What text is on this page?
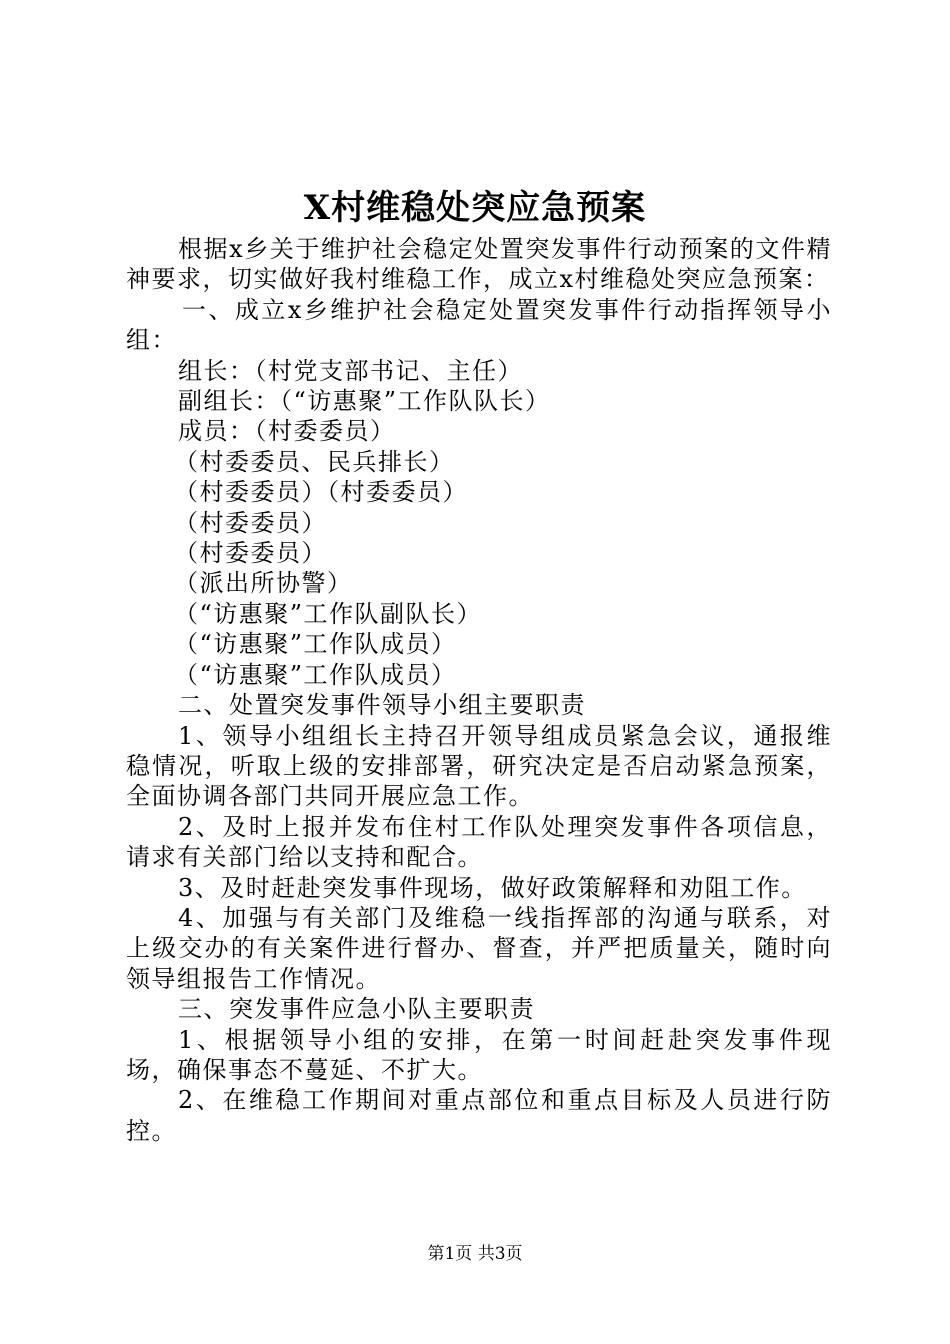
X村维稳处突应急预案

根据x乡关于维护社会稳定处置突发事件行动预案的文件精神要求，切实做好我村维稳工作，成立x村维稳处突应急预案：

一、成立x乡维护社会稳定处置突发事件行动指挥领导小组：

组长：（村党支部书记、主任）

副组长：（“访惠聚”工作队队长）

成员：（村委委员）

（村委委员、民兵排长）

（村委委员）（村委委员）

（村委委员）

（村委委员）

（派出所协警）

（“访惠聚”工作队副队长）

（“访惠聚”工作队成员）

（“访惠聚”工作队成员）

二、处置突发事件领导小组主要职责

1、领导小组组长主持召开领导组成员紧急会议，通报维稳情况，听取上级的安排部署，研究决定是否启动紧急预案，全面协调各部门共同开展应急工作。

2、及时上报并发布住村工作队处理突发事件各项信息，请求有关部门给以支持和配合。

3、及时赶赴突发事件现场，做好政策解释和劝阻工作。

4、加强与有关部门及维稳一线指挥部的沟通与联系，对上级交办的有关案件进行督办、督查，并严把质量关，随时向领导组报告工作情况。

三、突发事件应急小队主要职责

1、根据领导小组的安排，在第一时间赶赴突发事件现场，确保事态不蔓延、不扩大。

2、在维稳工作期间对重点部位和重点目标及人员进行防控。

第1页 共3页
